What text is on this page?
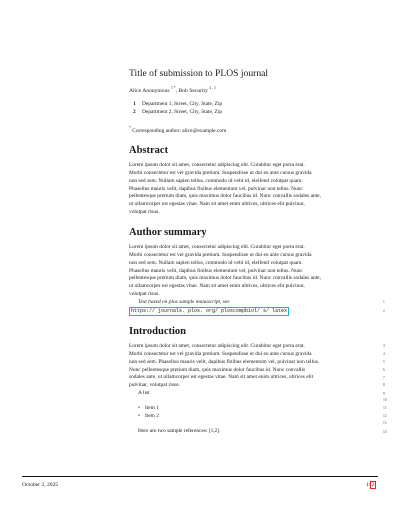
Title of submission to PLOS journal
Alice Anonymous $^{1 *}$, Bob Security $^{2 , 1}$
1 Department 1, Street, City, State, Zip
2 Department 2, Street, City, State, Zip
* Corresponding author: alice@example.com
Abstract
Lorem ipsum dolor sit amet, consectetur adipiscing elit. Curabitur eget porta erat.
Morbi consectetur est vel gravida pretium. Suspendisse ut dui eu ante cursus gravida
non sed sem. Nullam sapien tellus, commodo id velit id, eleifend volutpat quam.
Phasellus mauris velit, dapibus finibus elementum vel, pulvinar non tellus. Nunc
pellentesque pretium diam, quis maximus dolor faucibus id. Nunc convallis sodales ante,
ut ullamcorper est egestas vitae. Nam sit amet enim ultrices, ultrices elit pulvinar,
volutpat risus.
Author summary
Lorem ipsum dolor sit amet, consectetur adipiscing elit. Curabitur eget porta erat.
Morbi consectetur est vel gravida pretium. Suspendisse ut dui eu ante cursus gravida
non sed sem. Nullam sapien tellus, commodo id velit id, eleifend volutpat quam.
Phasellus mauris velit, dapibus finibus elementum vel, pulvinar non tellus. Nunc
pellentesque pretium diam, quis maximus dolor faucibus id. Nunc convallis sodales ante,
ut ullamcorper est egestas vitae. Nam sit amet enim ultrices, ultrices elit pulvinar,
volutpat risus.
Text based on plos sample manuscript, see
https:// journals. plos. org/ ploscompbiol/ s/ latex
Introduction
Lorem ipsum dolor sit amet, consectetur adipiscing elit. Curabitur eget porta erat.
Morbi consectetur est vel gravida pretium. Suspendisse ut dui eu ante cursus gravida
non sed sem. Phasellus mauris velit, dapibus finibus elementum vel, pulvinar non tellus.
Nunc pellentesque pretium diam, quis maximus dolor faucibus id. Nunc convallis
sodales ante, ut ullamcorper est egestas vitae. Nam sit amet enim ultrices, ultrices elit
pulvinar, volutpat risus.
A list
• Item 1
• Item 2
Here are two sample references: [1,2].
1
2
3
4
5
6
7
8
9
10
11
12
13
14
October 2, 2025	1/ 2
